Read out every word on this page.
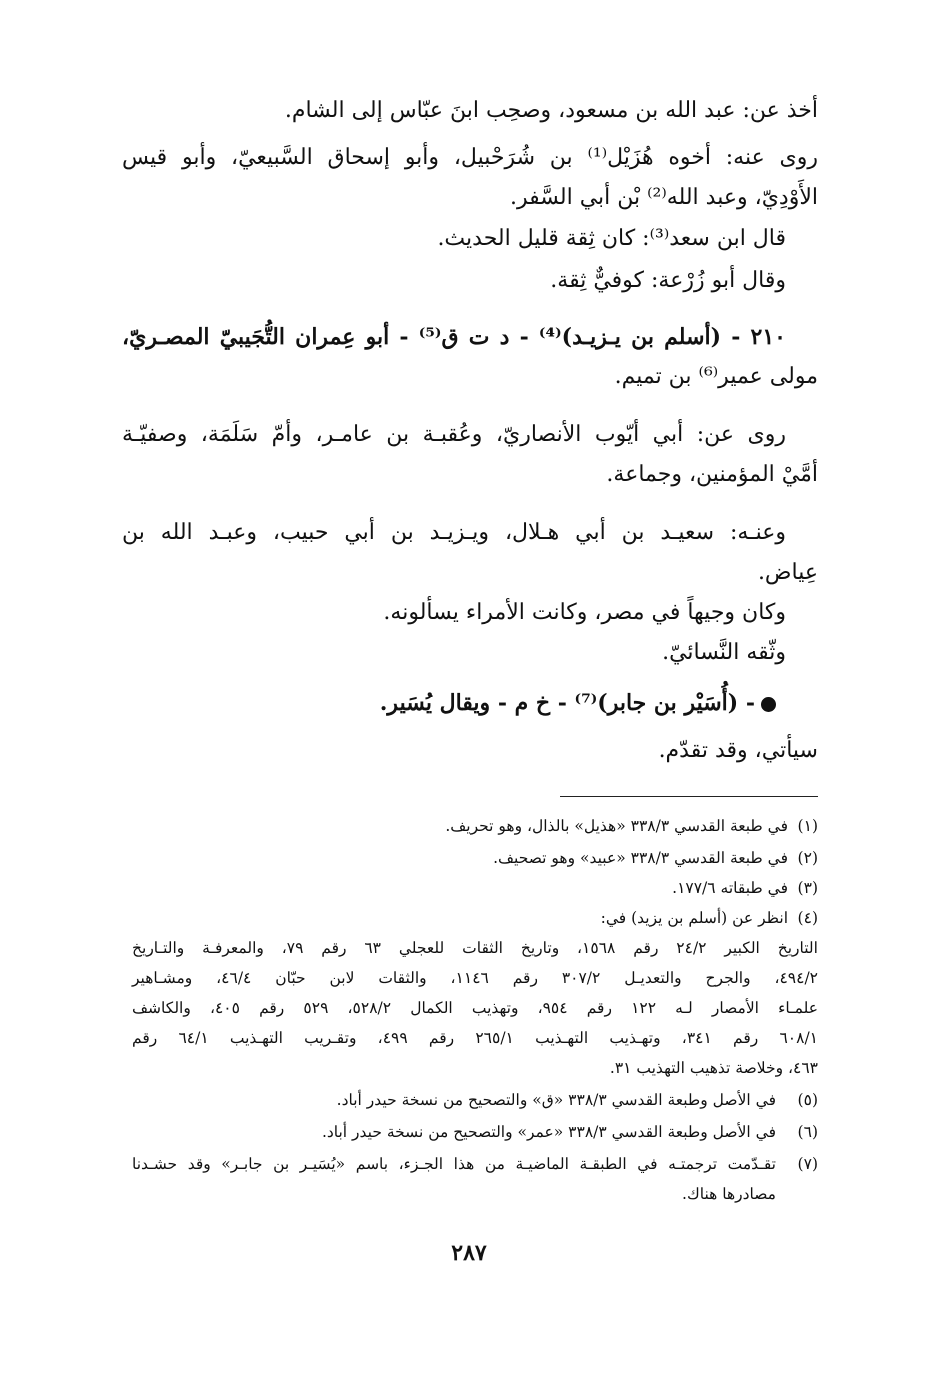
أخذ عن: عبد الله بن مسعود، وصحِب ابنَ عبّاس إلى الشام.
روى عنه: أخوه هُزَيْل⁽¹⁾ بن شُرَحْبيل، وأبو إسحاق السَّبيعيّ، وأبو قيس
الأَوْدِيّ، وعبد الله⁽²⁾ بْن أبي السَّفر.
قال ابن سعد⁽³⁾: كان ثِقة قليل الحديث.
وقال أبو زُرْعة: كوفيٌّ ثِقة.
٢١٠ - (أسلم بن يـزيـد)⁽⁴⁾ - د ت ق⁽⁵⁾ - أبو عِمران التُّجَيبيّ المصـريّ،
مولى عمير⁽⁶⁾ بن تميم.
روى عن: أبي أيّوب الأنصاريّ، وعُقبـة بن عامـر، وأمّ سَلَمَة، وصفيّـة
أمَّيْ المؤمنين، وجماعة.
وعنـه: سعيـد بن أبي هـلال، ويـزيـد بن أبي حبيب، وعبـد الله بن
عِياض.
وكان وجيهاً في مصر، وكانت الأمراء يسألونه.
وثّقه النَّسائيّ.
- (أُسَيْر بن جابر)⁽⁷⁾ - خ م - ويقال يُسَير.
سيأتي، وقد تقدّم.
(١)
في طبعة القدسي ٣٣٨/٣ «هذيل» بالذال، وهو تحريف.
(٢)
في طبعة القدسي ٣٣٨/٣ «عبيد» وهو تصحيف.
(٣)
في طبقاته ١٧٧/٦.
(٤)
انظر عن (أسلم بن يزيد) في:
التاريخ الكبير ٢٤/٢ رقم ١٥٦٨، وتاريخ الثقات للعجلي ٦٣ رقم ٧٩، والمعرفـة والتـاريخ
٤٩٤/٢، والجرح والتعديـل ٣٠٧/٢ رقم ١١٤٦، والثقات لابن حبّان ٤٦/٤، ومشـاهير
علمـاء الأمصار لـه ١٢٢ رقم ٩٥٤، وتهذيب الكمال ٥٢٨/٢، ٥٢٩ رقم ٤٠٥، والكاشف
٦٠٨/١ رقم ٣٤١، وتهـذيب التهـذيب ٢٦٥/١ رقم ٤٩٩، وتقـريب التهـذيب ٦٤/١ رقم
٤٦٣، وخلاصة تذهيب التهذيب ٣١.
(٥)
في الأصل وطبعة القدسي ٣٣٨/٣ «ق» والتصحيح من نسخة حيدر أباد.
(٦)
في الأصل وطبعة القدسي ٣٣٨/٣ «عمر» والتصحيح من نسخة حيدر أباد.
(٧)
تقـدّمت ترجمتـه في الطبقـة الماضيـة من هذا الجـزء، باسم «يُسَيـر بن جابـر» وقد حشـدنا
مصادرها هناك.
٢٨٧
